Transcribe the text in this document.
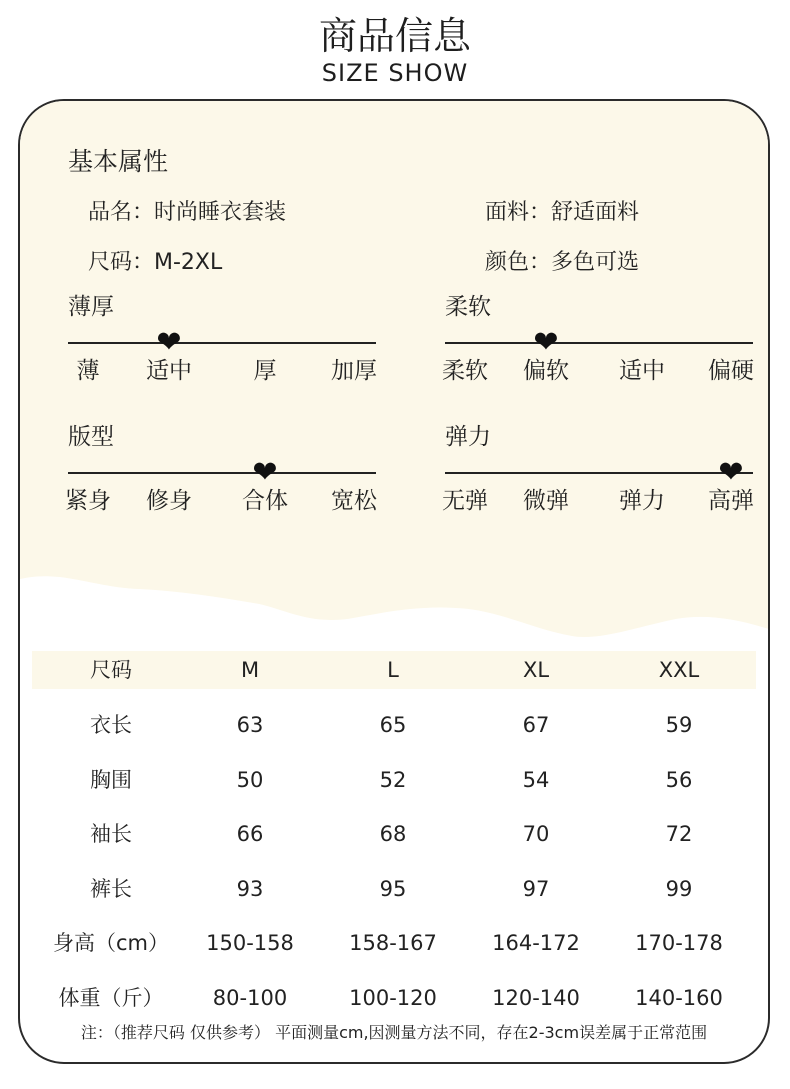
商品信息
SIZE SHOW
基本属性
品名：时尚睡衣套装	面料：舒适面料
尺码：M-2XL	颜色：多色可选
薄厚
薄 适中	厚 加厚
❤
柔软
柔软 偏软 适中 偏硬
❤
版型
紧身 修身 合体 宽松
❤
弹力
无弹 微弹 弹力 高弹
❤
尺码	M	L	XL	XXL
衣长	63	65	67	59
胸围	50	52	54	56
袖长	66	68	70	72
裤长	93	95	97	99
身高（cm） 150-158	158-167	164-172	170-178
体重（斤） 80-100	100-120	120-140	140-160
注：（推荐尺码 仅供参考） 平面测量cm,因测量方法不同，存在2-3cm误差属于正常范围
